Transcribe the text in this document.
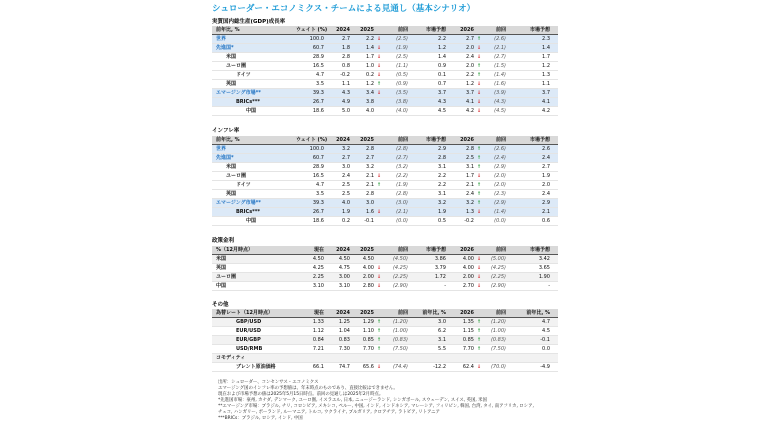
シュローダー・エコノミクス・チームによる見通し（基本シナリオ）
実質国内総生産(GDP)成長率
前年比, %	ウェイト (%)	2024	2025	前回	市場予想	2026	前回	市場予想
世界	100.0	2.7	2.2 ↓	(2.5)	2.2	2.7 ↑	(2.6)	2.3
先進国*	60.7	1.8	1.4 ↓	(1.9)	1.2	2.0 ↓	(2.1)	1.4
米国	28.9	2.8	1.7 ↓	(2.5)	1.4	2.4 ↓	(2.7)	1.7
ユーロ圏	16.5	0.8	1.0 ↓	(1.1)	0.9	2.0 ↑	(1.5)	1.2
ドイツ	4.7	-0.2	0.2 ↓	(0.5)	0.1	2.2 ↑	(1.4)	1.3
英国	3.5	1.1	1.2 ↑	(0.9)	0.7	1.2 ↓	(1.6)	1.1
エマージング市場**	39.3	4.3	3.4 ↓	(3.5)	3.7	3.7 ↓	(3.9)	3.7
BRICs***	26.7	4.9	3.8	(3.8)	4.3	4.1 ↓	(4.3)	4.1
中国	18.6	5.0	4.0	(4.0)	4.5	4.2 ↓	(4.5)	4.2
インフレ率
前年比, %	ウェイト (%)	2024	2025	前回	市場予想	2026	前回	市場予想
世界	100.0	3.2	2.8	(2.8)	2.9	2.8 ↑	(2.6)	2.6
先進国*	60.7	2.7	2.7	(2.7)	2.8	2.5 ↑	(2.4)	2.4
米国	28.9	3.0	3.2	(3.2)	3.1	3.1 ↑	(2.9)	2.7
ユーロ圏	16.5	2.4	2.1 ↓	(2.2)	2.2	1.7 ↓	(2.0)	1.9
ドイツ	4.7	2.5	2.1 ↑	(1.9)	2.2	2.1 ↑	(2.0)	2.0
英国	3.5	2.5	2.8	(2.8)	3.1	2.4 ↑	(2.3)	2.4
エマージング市場**	39.3	4.0	3.0	(3.0)	3.2	3.2 ↑	(2.9)	2.9
BRICs***	26.7	1.9	1.6 ↓	(2.1)	1.9	1.3 ↓	(1.4)	2.1
中国	18.6	0.2	-0.1	(0.0)	0.5	-0.2	(0.0)	0.6
政策金利
%（12月時点）	現在	2024	2025	前回	市場予想	2026	前回	市場予想
米国	4.50	4.50	4.50	(4.50)	3.86	4.00 ↓	(5.00)	3.42
英国	4.25	4.75	4.00 ↓	(4.25)	3.79	4.00 ↓	(4.25)	3.65
ユーロ圏	2.25	3.00	2.00 ↓	(2.25)	1.72	2.00 ↓	(2.25)	1.90
中国	3.10	3.10	2.80 ↓	(2.90)	-	2.70 ↓	(2.90)	-
その他
為替レート（12月時点）	現在	2024	2025	前回	前年比, %	2026	前回	前年比, %
GBP/USD	1.33	1.25	1.29 ↑	(1.20)	3.0	1.35 ↑	(1.20)	4.7
EUR/USD	1.12	1.04	1.10 ↑	(1.00)	6.2	1.15 ↑	(1.00)	4.5
EUR/GBP	0.84	0.83	0.85 ↑	(0.83)	3.1	0.85 ↑	(0.83)	-0.1
USD/RMB	7.21	7.30	7.70 ↑	(7.50)	5.5	7.70 ↑	(7.50)	0.0
コモディティ
ブレント原油価格	66.1	74.7	65.6 ↓	(74.4)	-12.2	62.4 ↓	(70.0)	-4.9
出所：シュローダー、コンセンサス・エコノミクス
エマージング国のインフレ率の予想値は、年末時点のものであり、直接比較はできません。
現在および市場予想の値は2025年5月15日時点。前回の見通しは2025年2月時点。
*先進国市場：豪州, カナダ, デンマーク, ユーロ圏, イスラエル, 日本, ニュージーランド, シンガポール, スウェーデン, スイス, 英国, 米国
**エマージング市場：ブラジル, チリ, コロンビア, メキシコ, ペルー, 中国, インド, インドネシア, マレーシア, フィリピン, 韓国, 台湾, タイ, 南アフリカ, ロシア,
チェコ, ハンガリー, ポーランド, ルーマニア, トルコ, ウクライナ, ブルガリア, クロアチア, ラトビア, リトアニア
***BRICs：ブラジル, ロシア, インド, 中国
